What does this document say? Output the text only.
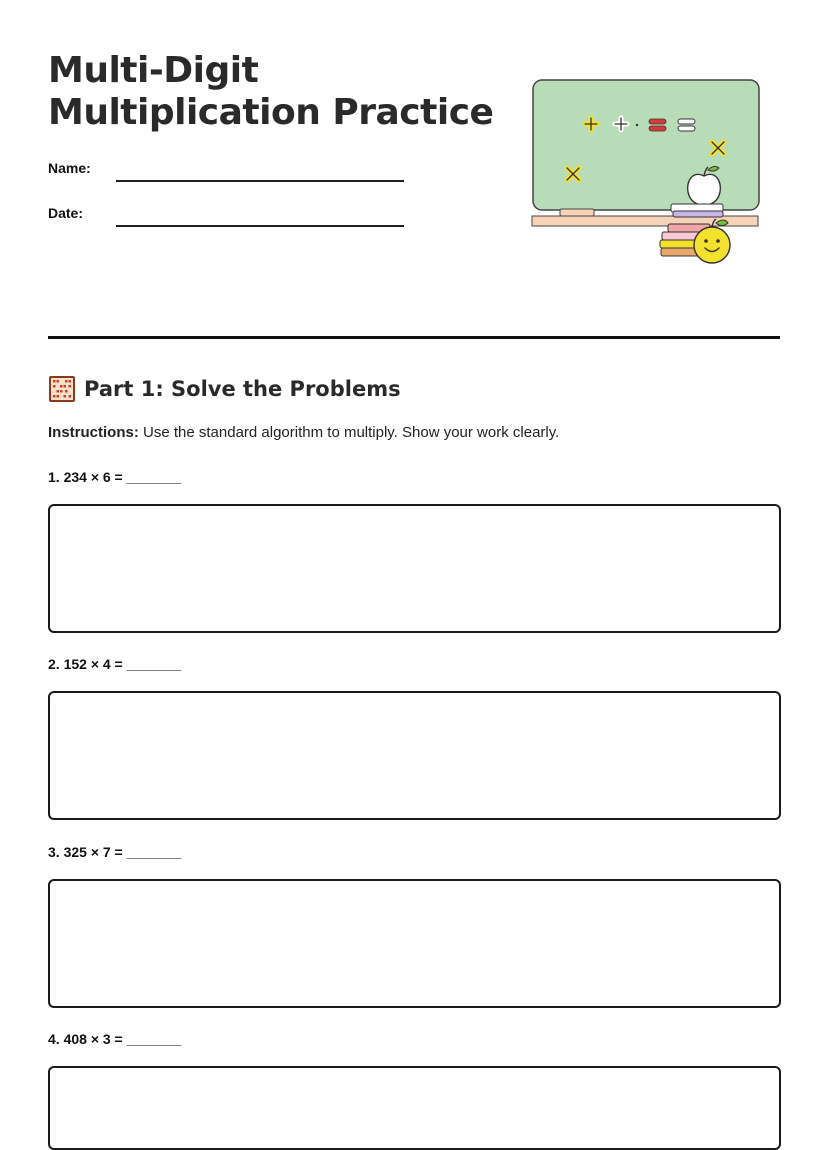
Multi-Digit
Multiplication Practice
Name:
Date:
Part 1: Solve the Problems

Instructions: Use the standard algorithm to multiply. Show your work clearly.

1. 234 × 6 = _______
2. 152 × 4 = _______
3. 325 × 7 = _______
4. 408 × 3 = _______
